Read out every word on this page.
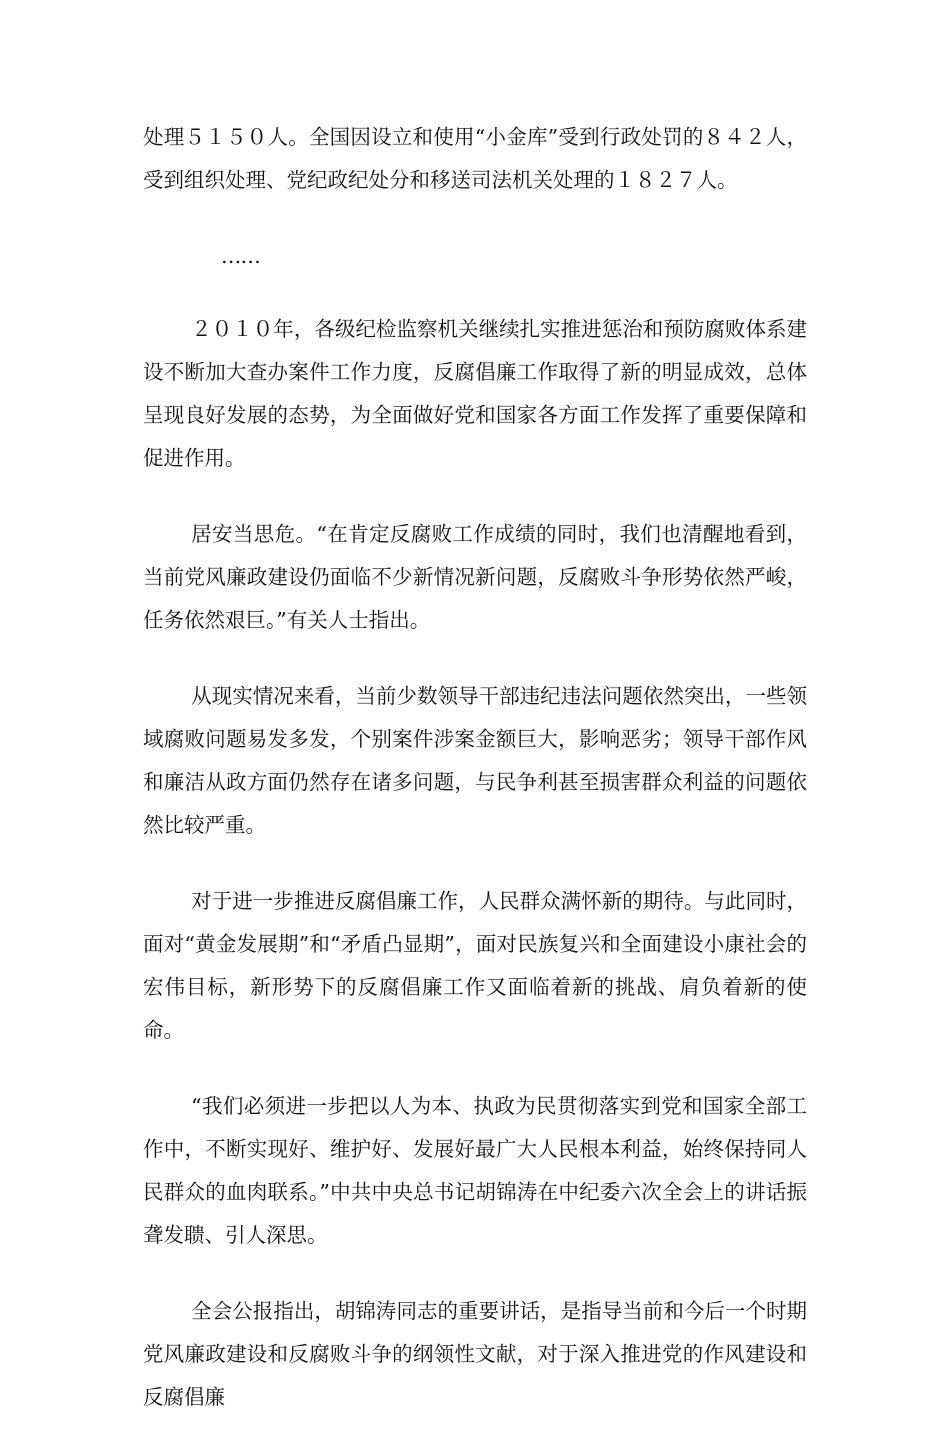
处理５１５０人。全国因设立和使用“小金库”受到行政处罚的８４２人，受到组织处理、党纪政纪处分和移送司法机关处理的１８２７人。

……

２０１０年，各级纪检监察机关继续扎实推进惩治和预防腐败体系建设不断加大查办案件工作力度，反腐倡廉工作取得了新的明显成效，总体呈现良好发展的态势，为全面做好党和国家各方面工作发挥了重要保障和促进作用。

居安当思危。“在肯定反腐败工作成绩的同时，我们也清醒地看到，当前党风廉政建设仍面临不少新情况新问题，反腐败斗争形势依然严峻，任务依然艰巨。”有关人士指出。

从现实情况来看，当前少数领导干部违纪违法问题依然突出，一些领域腐败问题易发多发，个别案件涉案金额巨大，影响恶劣；领导干部作风和廉洁从政方面仍然存在诸多问题，与民争利甚至损害群众利益的问题依然比较严重。

对于进一步推进反腐倡廉工作，人民群众满怀新的期待。与此同时，面对“黄金发展期”和“矛盾凸显期”，面对民族复兴和全面建设小康社会的宏伟目标，新形势下的反腐倡廉工作又面临着新的挑战、肩负着新的使命。

“我们必须进一步把以人为本、执政为民贯彻落实到党和国家全部工作中，不断实现好、维护好、发展好最广大人民根本利益，始终保持同人民群众的血肉联系。”中共中央总书记胡锦涛在中纪委六次全会上的讲话振聋发聩、引人深思。

全会公报指出，胡锦涛同志的重要讲话，是指导当前和今后一个时期党风廉政建设和反腐败斗争的纲领性文献，对于深入推进党的作风建设和反腐倡廉
